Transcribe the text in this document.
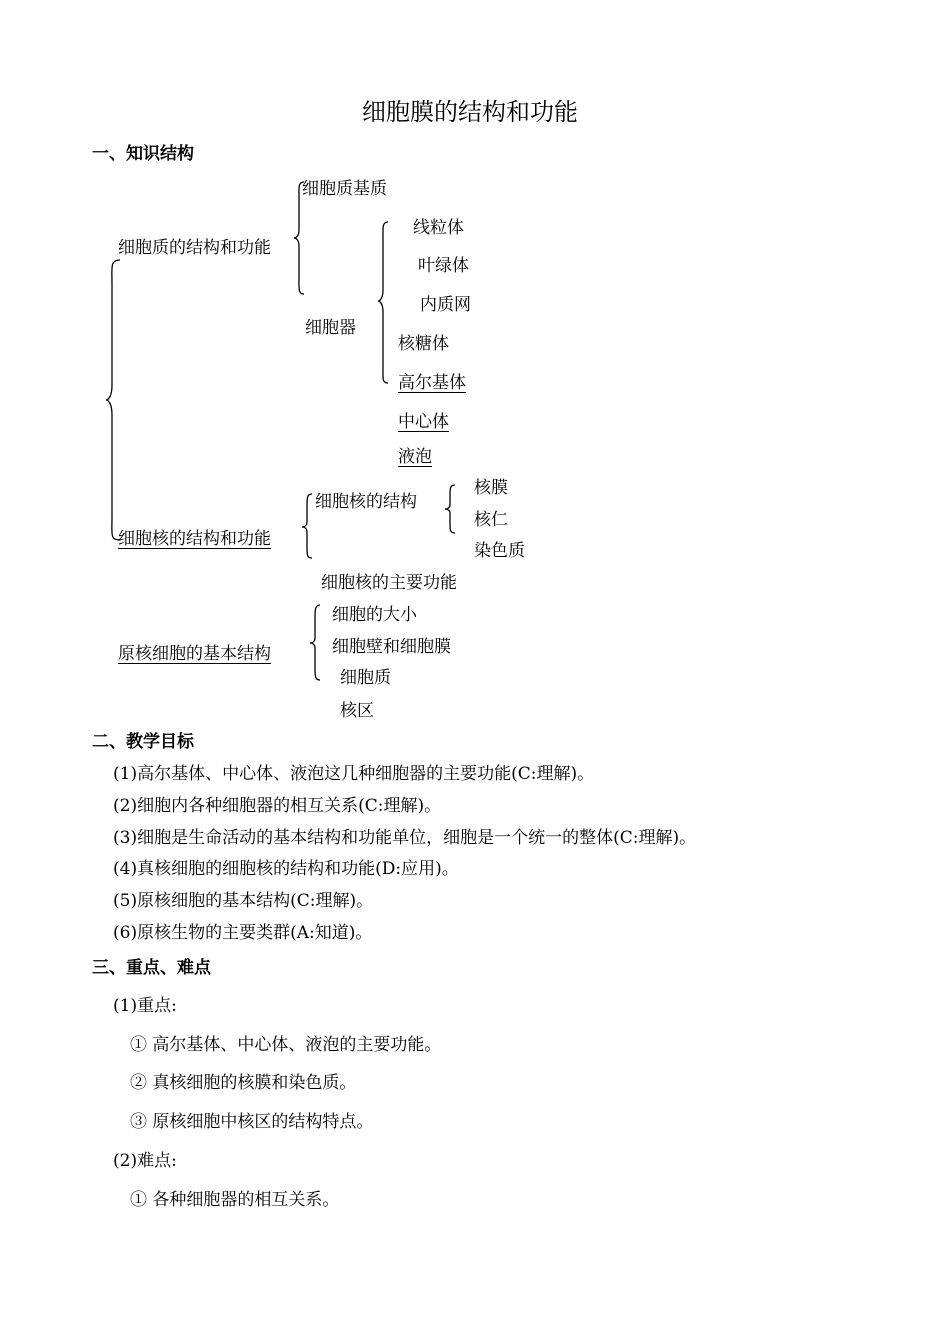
细胞膜的结构和功能
一、知识结构
细胞质的结构和功能
细胞质基质
细胞器
线粒体
叶绿体
内质网
核糖体
高尔基体
中心体
液泡
细胞核的结构和功能
细胞核的结构
核膜
核仁
染色质
细胞核的主要功能
原核细胞的基本结构
细胞的大小
细胞壁和细胞膜
细胞质
核区
二、教学目标
(1)高尔基体、中心体、液泡这几种细胞器的主要功能(C:理解)。
(2)细胞内各种细胞器的相互关系(C:理解)。
(3)细胞是生命活动的基本结构和功能单位，细胞是一个统一的整体(C:理解)。
(4)真核细胞的细胞核的结构和功能(D:应用)。
(5)原核细胞的基本结构(C:理解)。
(6)原核生物的主要类群(A:知道)。
三、重点、难点
(1)重点:
① 高尔基体、中心体、液泡的主要功能。
② 真核细胞的核膜和染色质。
③ 原核细胞中核区的结构特点。
(2)难点:
① 各种细胞器的相互关系。
